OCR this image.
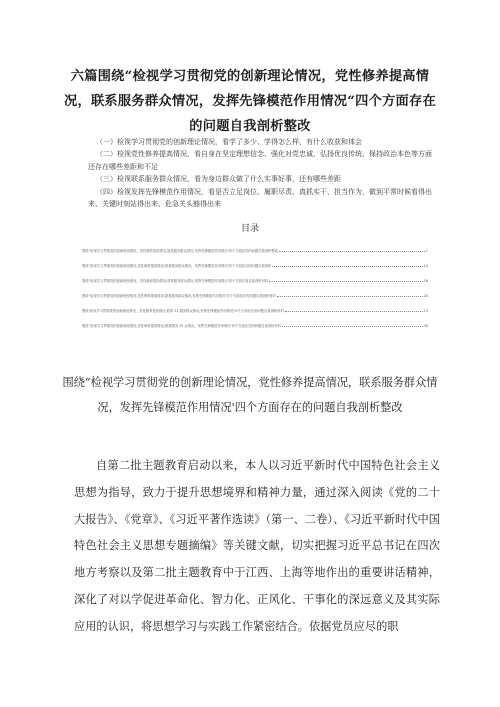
六篇围绕“检视学习贯彻党的创新理论情况，党性修养提高情况，联系服务群众情况，发挥先锋模范作用情况“四个方面存在的问题自我剖析整改

（一）检视学习贯彻党的创新理论情况，看学了多少、学得怎么样，有什么收获和体会

（二）检视党性修养提高情况，看自身在坚定理想信念、强化对党忠诚、弘扬优良传统、保持政治本色等方面还存在哪些差距和不足

（三）检视联系服务群众情况，看为身边群众做了什么实事好事，还有哪些差距

（四）检视发挥先锋模范作用情况，看是否立足岗位、履职尽责、真抓实干、担当作为，做到平常时候看得出来、关键时刻站得出来、危急关头豁得出来

目录
围绕“检视学习贯彻党的创新理论情况，党性修养提高情况,联系服务群众情况,发挥先锋模范作用情况’四个方面存在的问题自我剖析整改	1
围绕“检视学习贯彻党的创新理论情况,党性修养提高情况,联系服务群众情况，发挥先锋模范作用情况'四个方面存在的问题自我剖析	10
围绕“检视学习贯彻党的创新理论情况，党性修养提高情况,联系服务群众情况,发挥先锋模范作用情况’四个方面开展自我剖析材料	16
围绕“检视学习贯彻党的创新理论情况,党性修养提高情况,联系服务群众情况,发挥先锋模范作用情况’四个方面存在的问题自我剖析材料	20
围绕:检视学习贯彻党的创新理论情况，党性修养提高情况,联系 31 服务群众情况,发挥先锋模范作用情况’四个方面存在的问题自我剖析材料	23
围绕“检视学习贯彻党的创新理论情况,党性修养提高情况,联系服务 15 众情况，发挥先锋模范作用情况’四个方面存在的问题自我剖析材料	30
围绕“检视学习贯彻党的创新理论情况，党性修养提高情况，联系服务群众情况，发挥先锋模范作用情况'四个方面存在的问题自我剖析整改

自第二批主题教育启动以来，本人以习近平新时代中国特色社会主义思想为指导，致力于提升思想境界和精神力量，通过深入阅读《党的二十大报告》、《党章》、《习近平著作选读》（第一、二卷）、《习近平新时代中国特色社会主义思想专题摘编》等关键文献，切实把握习近平总书记在四次地方考察以及第二批主题教育中于江西、上海等地作出的重要讲话精神，深化了对以学促进革命化、智力化、正风化、干事化的深远意义及其实际应用的认识，将思想学习与实践工作紧密结合。依据党员应尽的职
